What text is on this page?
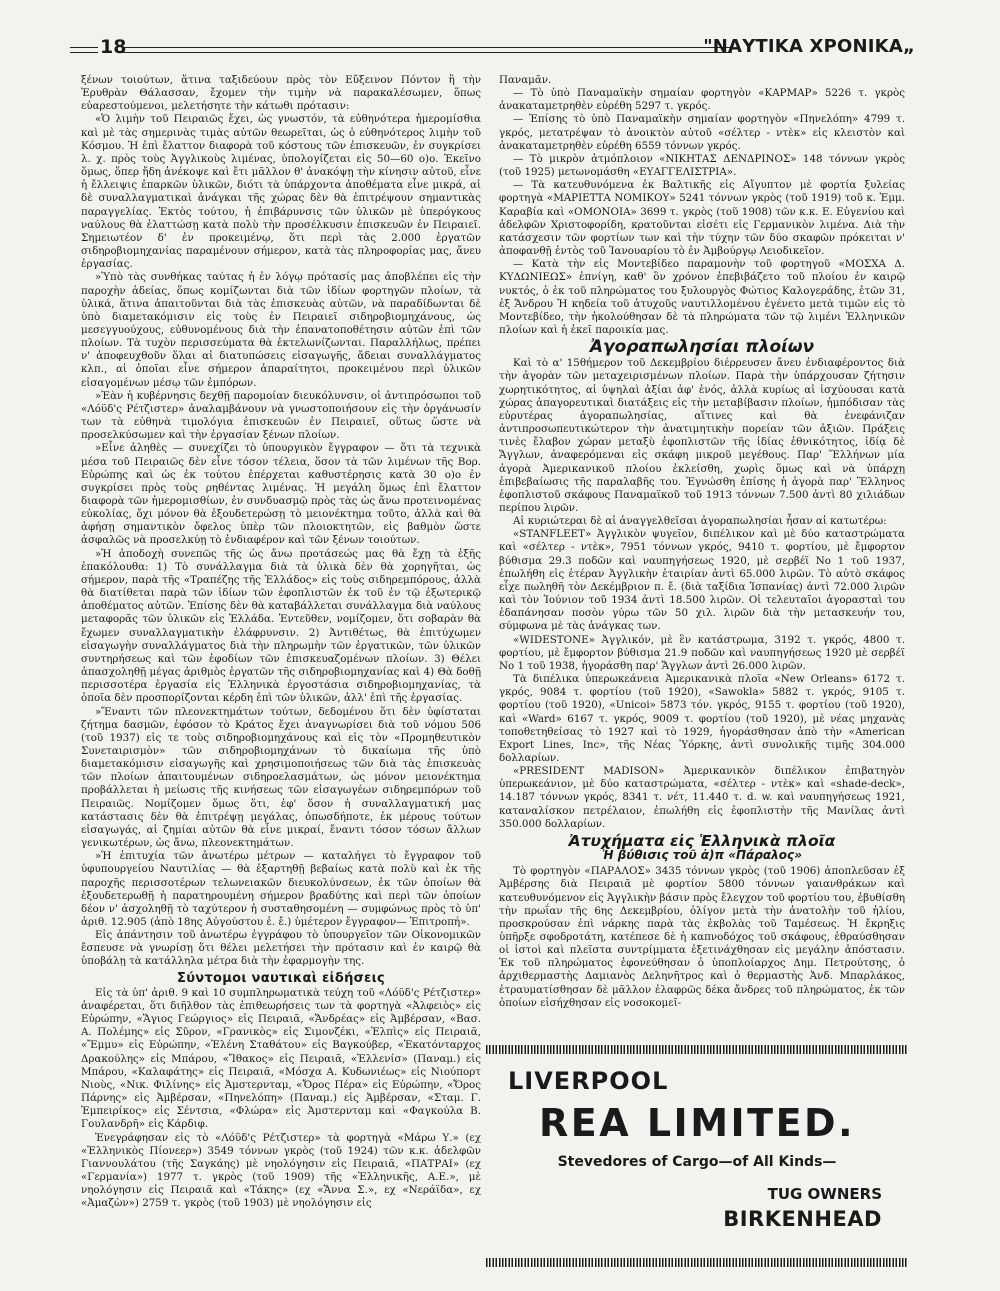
18	"ΝΑΥΤΙΚΑ ΧΡΟΝΙΚΑ„

ξένων τοιούτων, ἅτινα ταξιδεύουν πρὸς τὸν Εὔξεινον Πόντον ἢ τὴν Ἐρυθρὰν Θάλασσαν, ἔχομεν τὴν τιμὴν νὰ παρακαλέσωμεν, ὅπως εὐαρεστούμενοι, μελετήσητε τὴν κάτωθι πρότασιν:

«Ὁ λιμὴν τοῦ Πειραιῶς ἔχει, ὡς γνωστόν, τὰ εὐθηνότερα ἡμερομίσθια καὶ μὲ τὰς σημερινὰς τιμὰς αὐτῶν θεωρεῖται, ὡς ὁ εὐθηνότερος λιμὴν τοῦ Κόσμου. Ἡ ἐπὶ ἔλαττον διαφορὰ τοῦ κόστους τῶν ἐπισκευῶν, ἐν συγκρίσει λ. χ. πρὸς τοὺς Ἀγγλικοὺς λιμένας, ὑπολογίζεται εἰς 50—60 ο)ο. Ἐκεῖνο ὅμως, ὅπερ ἤδη ἀνέκοψε καὶ ἔτι μᾶλλον θ' ἀνακόψῃ τὴν κίνησιν αὐτοῦ, εἶνε ἡ ἔλλειψις ἐπαρκῶν ὑλικῶν, διότι τὰ ὑπάρχοντα ἀποθέματα εἶνε μικρά, αἱ δὲ συναλλαγματικαὶ ἀνάγκαι τῆς χώρας δὲν θὰ ἐπιτρέψουν σημαντικὰς παραγγελίας. Ἐκτὸς τούτου, ἡ ἐπιβάρυνσις τῶν ὑλικῶν μὲ ὑπερόγκους ναύλους θὰ ἐλαττώσῃ κατὰ πολὺ τὴν προσέλκυσιν ἐπισκευῶν ἐν Πειραιεῖ. Σημειωτέον δ' ἐν προκειμένῳ, ὅτι περὶ τὰς 2.000 ἐργατῶν σιδηροβιομηχανίας παραμένουν σήμερον, κατὰ τὰς πληροφορίας μας, ἄνευ ἐργασίας.

»Ὑπὸ τὰς συνθήκας ταύτας ἡ ἐν λόγῳ πρότασίς μας ἀποβλέπει εἰς τὴν παροχὴν ἀδείας, ὅπως κομίζωνται διὰ τῶν ἰδίων φορτηγῶν πλοίων, τὰ ὑλικά, ἅτινα ἀπαιτοῦνται διὰ τὰς ἐπισκευὰς αὐτῶν, νὰ παραδίδωνται δὲ ὑπὸ διαμετακόμισιν εἰς τοὺς ἐν Πειραιεῖ σιδηροβιομηχάνους, ὡς μεσεγγυούχους, εὐθυνομένους διὰ τὴν ἐπανατοποθέτησιν αὐτῶν ἐπὶ τῶν πλοίων. Τὰ τυχὸν περισσεύματα θὰ ἐκτελωνίζωνται. Παραλλήλως, πρέπει ν' ἀποφευχθοῦν ὅλαι αἱ διατυπώσεις εἰσαγωγῆς, ἄδειαι συναλλάγματος κλπ., αἱ ὁποῖαι εἶνε σήμερον ἀπαραίτητοι, προκειμένου περὶ ὑλικῶν εἰσαγομένων μέσῳ τῶν ἐμπόρων.

»Ἐὰν ἡ κυβέρνησις δεχθῇ παρομοίαν διευκόλυνσιν, οἱ ἀντιπρόσωποι τοῦ «Λόϋδ'ς Ρέτζιστερ» ἀναλαμβάνουν νὰ γνωστοποιήσουν εἰς τὴν ὀργάνωσίν των τὰ εὐθηνὰ τιμολόγια ἐπισκευῶν ἐν Πειραιεῖ, οὕτως ὥστε νὰ προσελκύσωμεν καὶ τὴν ἐργασίαν ξένων πλοίων.

»Εἶνε ἀληθὲς — συνεχίζει τὸ ὑπουργικὸν ἔγγραφον — ὅτι τὰ τεχνικὰ μέσα τοῦ Πειραιῶς δὲν εἶνε τόσον τέλεια, ὅσον τὰ τῶν λιμένων τῆς Βορ. Εὐρώπης καὶ ὡς ἐκ τούτου ἐπέρχεται καθυστέρησις κατὰ 30 ο)ο ἐν συγκρίσει πρὸς τοὺς ρηθέντας λιμένας. Ἡ μεγάλη ὅμως ἐπὶ ἔλαττον διαφορὰ τῶν ἡμερομισθίων, ἐν συνδυασμῷ πρὸς τὰς ὡς ἄνω προτεινομένας εὐκολίας, ὄχι μόνον θὰ ἐξουδετερώσῃ τὸ μειονέκτημα τοῦτο, ἀλλὰ καὶ θὰ ἀφήσῃ σημαντικὸν ὄφελος ὑπὲρ τῶν πλοιοκτητῶν, εἰς βαθμὸν ὥστε ἀσφαλῶς νὰ προσελκύῃ τὸ ἐνδιαφέρον καὶ τῶν ξένων τοιούτων.

»Ἡ ἀποδοχὴ συνεπῶς τῆς ὡς ἄνω προτάσεώς μας θὰ ἔχῃ τὰ ἑξῆς ἐπακόλουθα: 1) Τὸ συνάλλαγμα διὰ τὰ ὑλικὰ δὲν θὰ χορηγῆται, ὡς σήμερον, παρὰ τῆς «Τραπέζης τῆς Ἑλλάδος» εἰς τοὺς σιδηρεμπόρους, ἀλλὰ θὰ διατίθεται παρὰ τῶν ἰδίων τῶν ἐφοπλιστῶν ἐκ τοῦ ἐν τῷ ἐξωτερικῷ ἀποθέματος αὐτῶν. Ἐπίσης δὲν θὰ καταβάλλεται συνάλλαγμα διὰ ναύλους μεταφορᾶς τῶν ὑλικῶν εἰς Ἑλλάδα. Ἐντεῦθεν, νομίζομεν, ὅτι σοβαρὰν θὰ ἔχωμεν συναλλαγματικὴν ἐλάφρυνσιν. 2) Ἀντιθέτως, θὰ ἐπιτύχωμεν εἰσαγωγὴν συναλλάγματος διὰ τὴν πληρωμὴν τῶν ἐργατικῶν, τῶν ὑλικῶν συντηρήσεως καὶ τῶν ἐφοδίων τῶν ἐπισκευαζομένων πλοίων. 3) Θέλει ἀπασχοληθῇ μέγας ἀριθμὸς ἐργατῶν τῆς σιδηροβιομηχανίας καὶ 4) Θὰ δοθῇ περισσοτέρα ἐργασία εἰς Ἑλληνικὰ ἐργοστάσια σιδηροβιομηχανίας, τὰ ὁποῖα δὲν προσπορίζονται κέρδη ἐπὶ τῶν ὑλικῶν, ἀλλ' ἐπὶ τῆς ἐργασίας.

»Ἔναντι τῶν πλεονεκτημάτων τούτων, δεδομένου ὅτι δὲν ὑφίσταται ζήτημα δασμῶν, ἐφόσον τὸ Κράτος ἔχει ἀναγνωρίσει διὰ τοῦ νόμου 506 (τοῦ 1937) εἰς τε τοὺς σιδηροβιομηχάνους καὶ εἰς τὸν «Προμηθευτικὸν Συνεταιρισμὸν» τῶν σιδηροβιομηχάνων τὸ δικαίωμα τῆς ὑπὸ διαμετακόμισιν εἰσαγωγῆς καὶ χρησιμοποιήσεως τῶν διὰ τὰς ἐπισκευὰς τῶν πλοίων ἀπαιτουμένων σιδηροελασμάτων, ὡς μόνον μειονέκτημα προβάλλεται ἡ μείωσις τῆς κινήσεως τῶν εἰσαγωγέων σιδηρεμπόρων τοῦ Πειραιῶς. Νομίζομεν ὅμως ὅτι, ἐφ' ὅσον ἡ συναλλαγματική μας κατάστασις δὲν θὰ ἐπιτρέψῃ μεγάλας, ὁπωσδήποτε, ἐκ μέρους τούτων εἰσαγωγάς, αἱ ζημίαι αὐτῶν θὰ εἶνε μικραί, ἔναντι τόσον τόσων ἄλλων γενικωτέρων, ὡς ἄνω, πλεονεκτημάτων.

»Ἡ ἐπιτυχία τῶν ἀνωτέρω μέτρων — καταλήγει τὸ ἔγγραφον τοῦ ὑφυπουργείου Ναυτιλίας — θὰ ἐξαρτηθῇ βεβαίως κατὰ πολὺ καὶ ἐκ τῆς παροχῆς περισσοτέρων τελωνειακῶν διευκολύνσεων, ἐκ τῶν ὁποίων θὰ ἐξουδετερωθῇ ἡ παρατηρουμένη σήμερον βραδύτης καὶ περὶ τῶν ὁποίων δέον ν' ἀσχοληθῇ τὸ ταχύτερον ἡ συσταθησομένη — συμφώνως πρὸς τὸ ὑπ' ἀριθ. 12.905 (ἀπὸ 18ης Αὐγούστου ἐ. ἔ.) ὑμέτερον ἔγγραφον— Ἐπιτροπή».

Εἰς ἀπάντησιν τοῦ ἀνωτέρω ἐγγράφου τὸ ὑπουργεῖον τῶν Οἰκονομικῶν ἔσπευσε νὰ γνωρίσῃ ὅτι θέλει μελετήσει τὴν πρότασιν καὶ ἐν καιρῷ θὰ ὑποβάλῃ τὰ κατάλληλα μέτρα διὰ τὴν ἐφαρμογὴν της.

Σύντομοι ναυτικαὶ εἰδήσεις

Εἰς τὰ ὑπ' ἀριθ. 9 καὶ 10 συμπληρωματικὰ τεύχη τοῦ «Λόϋδ'ς Ρέτζιστερ» ἀναφέρεται, ὅτι διῆλθον τὰς ἐπιθεωρήσεις των τὰ φορτηγὰ «Ἀλφειὸς» εἰς Εὐρώπην, «Ἅγιος Γεώργιος» εἰς Πειραιᾶ, «Ἄνδρέας» εἰς Ἀμβέρσαν, «Βασ. Α. Πολέμης» εἰς Σῦρον, «Γρανικὸς» εἰς Σιμονζέκι, «Ἐλπὶς» εἰς Πειραιᾶ, «Ἔμμυ» εἰς Εὐρώπην, «Ἐλένη Σταθάτου» εἰς Βαγκούβερ, «Ἑκατόνταρχος Δρακούλης» εἰς Μπάρου, «Ἴθακος» εἰς Πειραιᾶ, «Ἑλλενίσ» (Παναμ.) εἰς Μπάρου, «Καλαφάτης» εἰς Πειραιᾶ, «Μόσχα Α. Κυδωνιέως» εἰς Νιούπορτ Νιοὺς, «Νικ. Φιλίνης» εἰς Ἀμστερνταμ, «Ὄρος Πέρα» εἰς Εὐρώπην, «Ὄρος Πάρνης» εἰς Ἀμβέρσαν, «Πηνελόπη» (Παναμ.) εἰς Ἀμβέρσαν, «Σταμ. Γ. Ἐμπειρίκος» εἰς Σέντσια, «Φλώρα» εἰς Ἀμστερνταμ καὶ «Φαγκούλα Β. Γουλανδρῆ» εἰς Κάρδιφ.

Ἐνεγράφησαν εἰς τὸ «Λόϋδ'ς Ρέτζιστερ» τὰ φορτηγὰ «Μάρω Υ.» (εχ «Ἑλληνικὸς Πίονεερ») 3549 τόννων γκρὸς (τοῦ 1924) τῶν κ.κ. ἀδελφῶν Γιαννουλάτου (τῆς Σαγκάης) μὲ νηολόγησιν εἰς Πειραιᾶ, «ΠΑΤΡΑΙ» (εχ «Γερμανία») 1977 τ. γκρὸς (τοῦ 1909) τῆς «Ἑλληνικῆς, Α.Ε.», μὲ νηολόγησιν εἰς Πειραιᾶ καὶ «Τάκης» (εχ «Ἄννα Σ.», εχ «Νεράϊδα», εχ «Ἀμαζὼν») 2759 τ. γκρὸς (τοῦ 1903) μὲ νηολόγησιν εἰς

Παναμᾶν.

— Τὸ ὑπὸ Παναμαϊκὴν σημαίαν φορτηγὸν «ΚΑΡΜΑΡ» 5226 τ. γκρὸς ἀνακαταμετρηθὲν εὑρέθη 5297 τ. γκρός.

— Ἐπίσης τὸ ὑπὸ Παναμαϊκὴν σημαίαν φορτηγὸν «Πηνελόπη» 4799 τ. γκρός, μετατρέψαν τὸ ἀνοικτὸν αὐτοῦ «σέλτερ - ντὲκ» εἰς κλειστὸν καὶ ἀνακαταμετρηθὲν εὑρέθη 6559 τόννων γκρός.

— Τὸ μικρὸν ἀτμόπλοιον «ΝΙΚΗΤΑΣ ΔΕΝΔΡΙΝΟΣ» 148 τόννων γκρὸς (τοῦ 1925) μετωνομάσθη «ΕΥΑΓΓΕΛΙΣΤΡΙΑ».

— Τὰ κατευθυνόμενα ἐκ Βαλτικῆς εἰς Αἴγυπτον μὲ φορτία ξυλείας φορτηγὰ «ΜΑΡΙΕΤΤΑ ΝΟΜΙΚΟΥ» 5241 τόννων γκρὸς (τοῦ 1919) τοῦ κ. Ἐμμ. Καραβία καὶ «ΟΜΟΝΟΙΑ» 3699 τ. γκρὸς (τοῦ 1908) τῶν κ.κ. Ε. Εὐγενίου καὶ ἀδελφῶν Χριστοφορίδη, κρατοῦνται εἰσέτι εἰς Γερμανικὸν λιμένα. Διὰ τὴν κατάσχεσιν τῶν φορτίων των καὶ τὴν τύχην τῶν δύο σκαφῶν πρόκειται ν' ἀποφανθῇ ἐντὸς τοῦ Ἰανουαρίου τὸ ἐν Ἀμβούργῳ Λειοδικεῖον.

— Κατὰ τὴν εἰς Μοντεβίδεο παραμονὴν τοῦ φορτηγοῦ «ΜΟΣΧΑ Δ. ΚΥΔΩΝΙΕΩΣ» ἐπνίγη, καθ' ὃν χρόνον ἐπεβιβάζετο τοῦ πλοίου ἐν καιρῷ νυκτός, ὁ ἐκ τοῦ πληρώματος του ξυλουργὸς Φώτιος Καλογεράδης, ἐτῶν 31, ἐξ Ἄνδρου Ἡ κηδεία τοῦ ἀτυχοῦς ναυτιλλομένου ἐγένετο μετὰ τιμῶν εἰς τὸ Μοντεβίδεο, τὴν ἠκολούθησαν δὲ τὰ πληρώματα τῶν τῷ λιμένι Ἑλληνικῶν πλοίων καὶ ἡ ἐκεῖ παροικία μας.

Ἀγοραπωλησίαι πλοίων

Καὶ τὸ α' 15θήμερον τοῦ Δεκεμβρίου διέρρευσεν ἄνευ ἐνδιαφέροντος διὰ τὴν ἀγορὰν τῶν μεταχειρισμένων πλοίων. Παρὰ τὴν ὑπάρχουσαν ζήτησιν χωρητικότητος, αἱ ὑψηλαὶ ἀξίαι ἀφ' ἑνός, ἀλλὰ κυρίως αἱ ἰσχύουσαι κατὰ χώρας ἀπαγορευτικαὶ διατάξεις εἰς τὴν μεταβίβασιν πλοίων, ἠμπόδισαν τὰς εὐρυτέρας ἀγοραπωλησίας, αἵτινες καὶ θὰ ἐνεφάνιζαν ἀντιπροσωπευτικώτερον τὴν ἀνατιμητικὴν πορείαν τῶν ἀξιῶν. Πράξεις τινὲς ἔλαβον χώραν μεταξὺ ἐφοπλιστῶν τῆς ἰδίας ἐθνικότητος, ἰδίᾳ δὲ Ἄγγλων, ἀναφερόμεναι εἰς σκάφη μικροῦ μεγέθους. Παρ' Ἕλλήνων μία ἀγορὰ Ἀμερικανικοῦ πλοίου ἐκλείσθη, χωρὶς ὅμως καὶ νὰ ὑπάρχῃ ἐπιβεβαίωσις τῆς παραλαβῆς του. Ἐγνώσθη ἐπίσης ἡ ἀγορὰ παρ' Ἕλληνος ἐφοπλιστοῦ σκάφους Παναμαϊκοῦ τοῦ 1913 τόννων 7.500 ἀντὶ 80 χιλιάδων περίπου λιρῶν.

Αἱ κυριώτεραι δὲ αἱ ἀναγγελθεῖσαι ἀγοραπωλησίαι ἦσαν αἱ κατωτέρω:

«STANFLEET» Ἀγγλικὸν ψυγεῖον, διπέλικον καὶ μὲ δύο καταστρώματα καὶ «σέλτερ - ντὲκ», 7951 τόννων γκρός, 9410 τ. φορτίου, μὲ ἔμφορτον βύθισμα 29.3 ποδῶν καὶ ναυπηγήσεως 1920, μὲ σερβέϊ Νο 1 τοῦ 1937, ἐπωλήθη εἰς ἑτέραν Ἀγγλικὴν ἑταιρίαν ἀντὶ 65.000 λιρῶν. Τὸ αὐτὸ σκάφος εἶχε πωληθῆ τὸν Δεκέμβριον π. ἔ. (διὰ ταξίδια Ἰσπανίας) ἀντὶ 72.000 λιρῶν καὶ τὸν Ἰούνιον τοῦ 1934 ἀντὶ 18.500 λιρῶν. Οἱ τελευταῖοι ἀγορασταὶ του ἐδαπάνησαν ποσὸν γύρω τῶν 50 χιλ. λιρῶν διὰ τὴν μετασκευήν του, σύμφωνα μὲ τὰς ἀνάγκας των.

«WIDESTONE» Ἀγγλικόν, μὲ ἓν κατάστρωμα, 3192 τ. γκρός, 4800 τ. φορτίου, μὲ ἔμφορτον βύθισμα 21.9 ποδῶν καὶ ναυπηγήσεως 1920 μὲ σερβέϊ Νο 1 τοῦ 1938, ἠγοράσθη παρ' Ἄγγλων ἀντὶ 26.000 λιρῶν.

Τὰ διπέλικα ὑπερωκεάνεια Ἀμερικανικὰ πλοῖα «New Orleans» 6172 τ. γκρός, 9084 τ. φορτίου (τοῦ 1920), «Sawokla» 5882 τ. γκρός, 9105 τ. φορτίου (τοῦ 1920), «Unicoi» 5873 τόν. γκρός, 9155 τ. φορτίου (τοῦ 1920), καὶ «Ward» 6167 τ. γκρός, 9009 τ. φορτίου (τοῦ 1920), μὲ νέας μηχανὰς τοποθετηθείσας τὸ 1927 καὶ τὸ 1929, ἠγοράσθησαν ἀπὸ τὴν «American Export Lines, Inc», τῆς Νέας Ὑόρκης, ἀντὶ συνολικῆς τιμῆς 304.000 δολλαρίων.

«PRESIDENT MADISON» Ἀμερικανικὸν διπέλικον ἐπιβατηγὸν ὑπερωκεάνιον, μὲ δύο καταστρώματα, «σέλτερ - ντὲκ» καὶ «shade-deck», 14.187 τόννων γκρός, 8341 τ. νέτ, 11.440 τ. d. w. καὶ ναυπηγήσεως 1921, καταναλίσκον πετρέλαιον, ἐπωλήθη εἰς ἐφοπλιστὴν τῆς Μανίλας ἀντὶ 350.000 δολλαρίων.

Ἀτυχήματα εἰς Ἑλληνικὰ πλοῖα
Ἡ βύθισις τοῦ ἀ)π «Πάραλος»

Τὸ φορτηγὸν «ΠΑΡΑΛΟΣ» 3435 τόννων γκρὸς (τοῦ 1906) ἀποπλεῦσαν ἐξ Ἀμβέρσης διὰ Πειραιᾶ μὲ φορτίον 5800 τόννων γαιανθράκων καὶ κατευθυνόμενον εἰς Ἀγγλικὴν βάσιν πρὸς ἔλεγχον τοῦ φορτίου του, ἐβυθίσθη τὴν πρωΐαν τῆς 6ης Δεκεμβρίου, ὀλίγον μετὰ τὴν ἀνατολὴν τοῦ ἡλίου, προσκρούσαν ἐπὶ νάρκης παρὰ τὰς ἐκβολὰς τοῦ Ταμέσεως. Ἡ ἔκρηξις ὑπῆρξε σφοδροτάτη, κατέπεσε δὲ ἡ καπνοδόχος τοῦ σκάφους, ἐθραύσθησαν οἱ ἱστοὶ καὶ πλεῖστα συντρίμματα ἐξετινάχθησαν εἰς μεγάλην ἀπόστασιν. Ἐκ τοῦ πληρώματος ἐφονεύθησαν ὁ ὑποπλοίαρχος Δημ. Πετρούτσης, ὁ ἀρχιθερμαστὴς Δαμιανὸς Δεληνῆτρος καὶ ὁ θερμαστὴς Ἀνδ. Μπαρλάκος, ἐτραυματίσθησαν δὲ μᾶλλον ἐλαφρῶς δέκα ἄνδρες τοῦ πληρώματος, ἐκ τῶν ὁποίων εἰσήχθησαν εἰς νοσοκομεῖ-

LIVERPOOL
REA LIMITED.
Stevedores of Cargo—of All Kinds—
TUG OWNERS
BIRKENHEAD
